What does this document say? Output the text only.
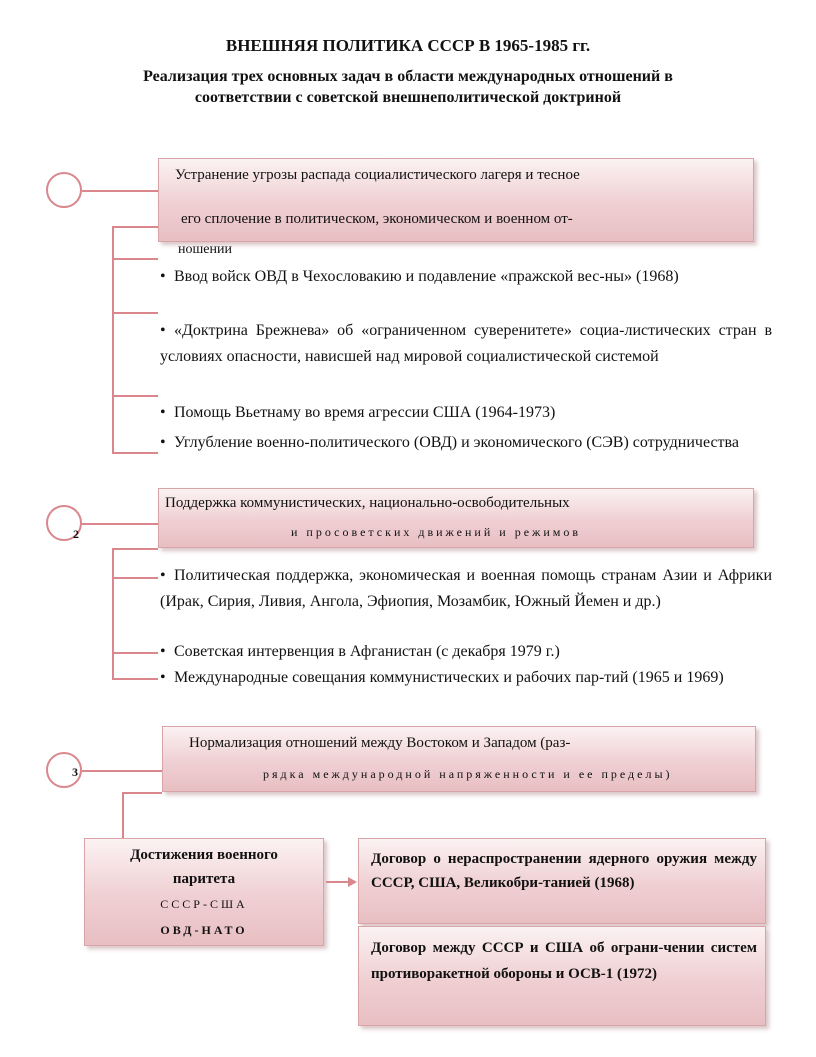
ВНЕШНЯЯ ПОЛИТИКА СССР В 1965-1985 гг.
Реализация трех основных задач в области международных отношений в соответствии с советской внешнеполитической доктриной
Устранение угрозы распада социалистического лагеря и тесное
его сплочение в политическом, экономическом и военном от-
ношении
• Ввод войск ОВД в Чехословакию и подавление «пражской вес-ны» (1968)
• «Доктрина Брежнева» об «ограниченном суверенитете» социа-листических стран в условиях опасности, нависшей над мировой социалистической системой
• Помощь Вьетнаму во время агрессии США (1964-1973)
• Углубление военно-политического (ОВД) и экономического (СЭВ) сотрудничества
2
Поддержка коммунистических, национально-освободительных
и просоветских движений и режимов
• Политическая поддержка, экономическая и военная помощь странам Азии и Африки (Ирак, Сирия, Ливия, Ангола, Эфиопия, Мозамбик, Южный Йемен и др.)
• Советская интервенция в Афганистан (с декабря 1979 г.)
• Международные совещания коммунистических и рабочих пар-тий (1965 и 1969)
3
Нормализация отношений между Востоком и Западом (раз-
рядка международной напряженности и ее пределы)
Достижения военного
паритета
СССР-США
ОВД-НАТО
Договор о нераспространении ядерного оружия между СССР, США, Великобри-танией (1968)
Договор между СССР и США об ограни-чении систем противоракетной обороны и ОСВ-1 (1972)
